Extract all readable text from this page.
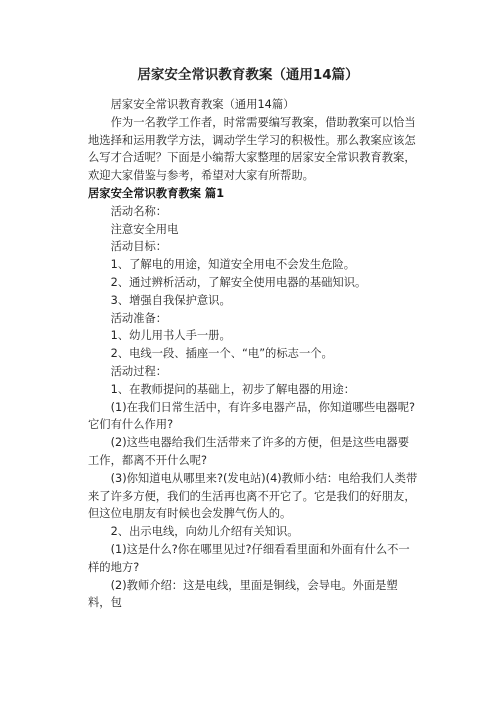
居家安全常识教育教案（通用14篇）

居家安全常识教育教案（通用14篇）

作为一名教学工作者，时常需要编写教案，借助教案可以恰当地选择和运用教学方法，调动学生学习的积极性。那么教案应该怎么写才合适呢？下面是小编帮大家整理的居家安全常识教育教案，欢迎大家借鉴与参考，希望对大家有所帮助。

居家安全常识教育教案 篇1

活动名称：

注意安全用电

活动目标：

1、了解电的用途，知道安全用电不会发生危险。

2、通过辨析活动，了解安全使用电器的基础知识。

3、增强自我保护意识。

活动准备：

1、幼儿用书人手一册。

2、电线一段、插座一个、“电”的标志一个。

活动过程：

1、在教师提问的基础上，初步了解电器的用途：

(1)在我们日常生活中，有许多电器产品，你知道哪些电器呢?它们有什么作用?

(2)这些电器给我们生活带来了许多的方便，但是这些电器要工作，都离不开什么呢?

(3)你知道电从哪里来?(发电站)(4)教师小结：电给我们人类带来了许多方便，我们的生活再也离不开它了。它是我们的好朋友，但这位电朋友有时候也会发脾气伤人的。

2、出示电线，向幼儿介绍有关知识。

(1)这是什么?你在哪里见过?仔细看看里面和外面有什么不一样的地方?

(2)教师介绍：这是电线，里面是铜线，会导电。外面是塑料，包
